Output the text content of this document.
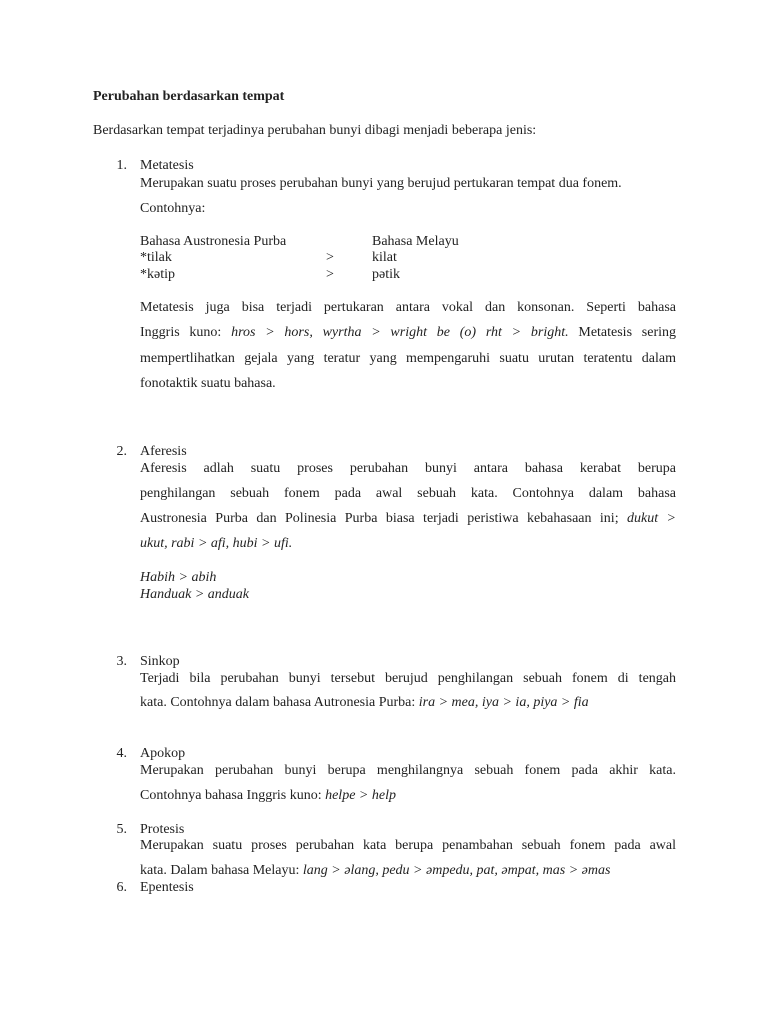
Perubahan berdasarkan tempat
Berdasarkan tempat terjadinya perubahan bunyi dibagi menjadi beberapa jenis:
1. Metatesis
Merupakan suatu proses perubahan bunyi yang berujud pertukaran tempat dua fonem.
Contohnya:
Bahasa Austronesia Purba	Bahasa Melayu
*tilak	>	kilat
*kətip	>	pətik
Metatesis juga bisa terjadi pertukaran antara vokal dan konsonan. Seperti bahasa
Inggris kuno: hros > hors, wyrtha > wright be (o) rht > bright. Metatesis sering
mempertlihatkan gejala yang teratur yang mempengaruhi suatu urutan teratentu dalam
fonotaktik suatu bahasa.
2. Aferesis
Aferesis adlah suatu proses perubahan bunyi antara bahasa kerabat berupa
penghilangan sebuah fonem pada awal sebuah kata. Contohnya dalam bahasa
Austronesia Purba dan Polinesia Purba biasa terjadi peristiwa kebahasaan ini; dukut >
ukut, rabi > afi, hubi > ufi.
Habih > abih
Handuak > anduak
3. Sinkop
Terjadi bila perubahan bunyi tersebut berujud penghilangan sebuah fonem di tengah
kata. Contohnya dalam bahasa Autronesia Purba: ira > mea, iya > ia, piya > fia
4. Apokop
Merupakan perubahan bunyi berupa menghilangnya sebuah fonem pada akhir kata.
Contohnya bahasa Inggris kuno: helpe > help
5. Protesis
Merupakan suatu proses perubahan kata berupa penambahan sebuah fonem pada awal
kata. Dalam bahasa Melayu: lang > əlang, pedu > əmpedu, pat, əmpat, mas > əmas
6. Epentesis
